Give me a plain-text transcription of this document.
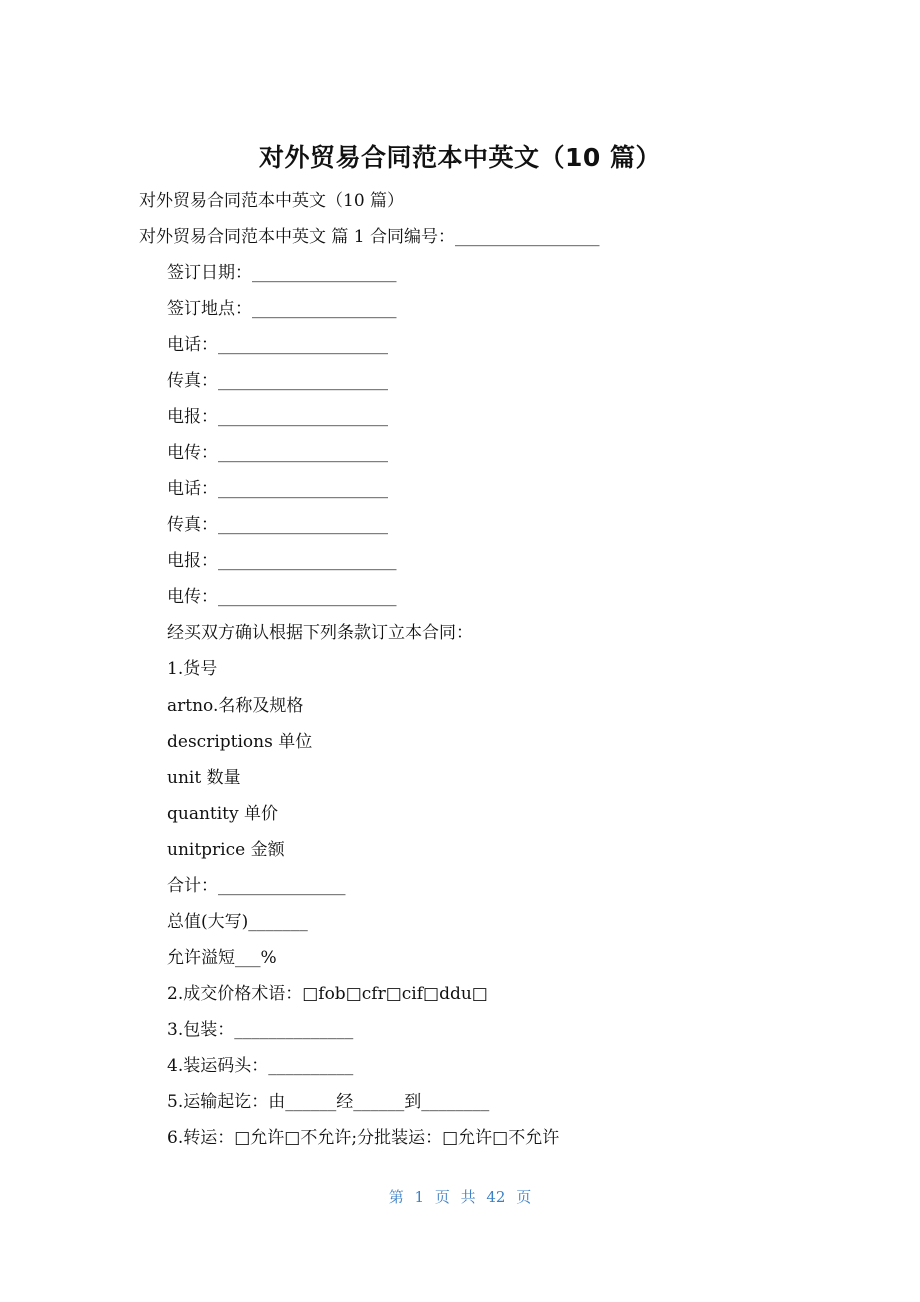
对外贸易合同范本中英文（10 篇）
对外贸易合同范本中英文（10 篇）
对外贸易合同范本中英文 篇 1 合同编号：_________________
签订日期：_________________
签订地点：_________________
电话：____________________
传真：____________________
电报：____________________
电传：____________________
电话：____________________
传真：____________________
电报：_____________________
电传：_____________________
经买双方确认根据下列条款订立本合同：
1.货号
artno.名称及规格
descriptions 单位
unit 数量
quantity 单价
unitprice 金额
合计：_______________
总值(大写)_______
允许溢短___%
2.成交价格术语：□fob□cfr□cif□ddu□
3.包装：______________
4.装运码头：__________
5.运输起讫：由______经______到________
6.转运：□允许□不允许;分批装运：□允许□不允许
第 1 页 共 42 页
